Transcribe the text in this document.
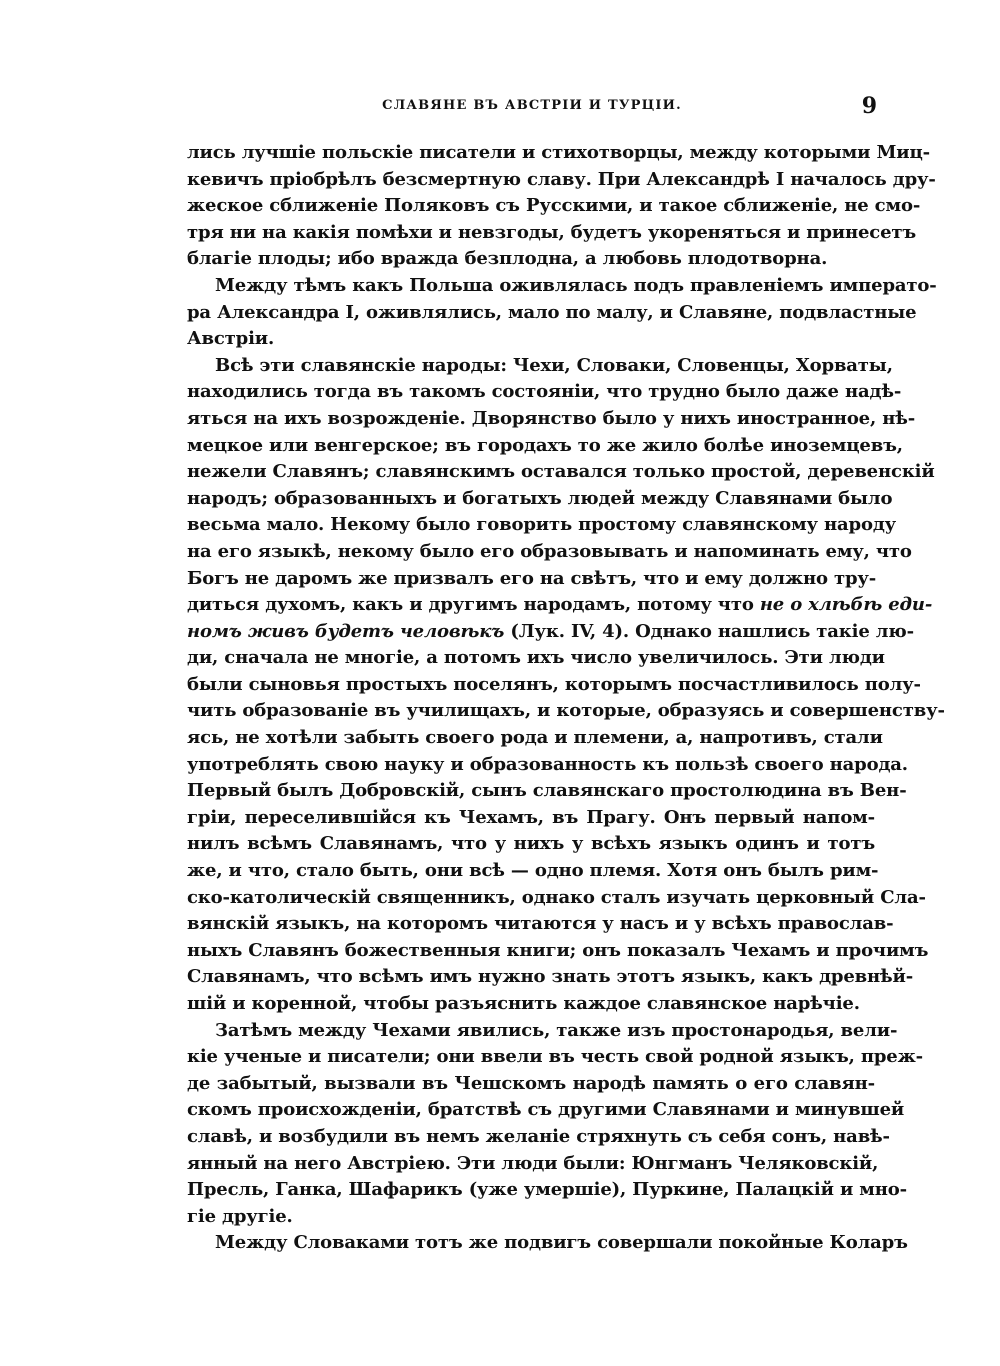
СЛАВЯНЕ ВЪ АВСТРІИ И ТУРЦІИ.	9
лись лучшіе польскіе писатели и стихотворцы, между которыми Миц-
кевичъ пріобрѣлъ безсмертную славу. При Александрѣ I началось дру-
жеское сближеніе Поляковъ съ Русскими, и такое сближеніе, не смо-
тря ни на какія помѣхи и невзгоды, будетъ укореняться и принесетъ
благіе плоды; ибо вражда безплодна, а любовь плодотворна.
Между тѣмъ какъ Польша оживлялась подъ правленіемъ императо-
ра Александра I, оживлялись, мало по малу, и Славяне, подвластные
Австріи.
Всѣ эти славянскіе народы: Чехи, Словаки, Словенцы, Хорваты,
находились тогда въ такомъ состояніи, что трудно было даже надѣ-
яться на ихъ возрожденіе. Дворянство было у нихъ иностранное, нѣ-
мецкое или венгерское; въ городахъ то же жило болѣе иноземцевъ,
нежели Славянъ; славянскимъ оставался только простой, деревенскій
народъ; образованныхъ и богатыхъ людей между Славянами было
весьма мало. Некому было говорить простому славянскому народу
на его языкѣ, некому было его образовывать и напоминать ему, что
Богъ не даромъ же призвалъ его на свѣтъ, что и ему должно тру-
диться духомъ, какъ и другимъ народамъ, потому что не о хлѣбѣ еди-
номъ живъ будетъ человѣкъ (Лук. IV, 4). Однако нашлись такіе лю-
ди, сначала не многіе, а потомъ ихъ число увеличилось. Эти люди
были сыновья простыхъ поселянъ, которымъ посчастливилось полу-
чить образованіе въ училищахъ, и которые, образуясь и совершенству-
ясь, не хотѣли забыть своего рода и племени, а, напротивъ, стали
употреблять свою науку и образованность къ пользѣ своего народа.
Первый былъ Добровскій, сынъ славянскаго простолюдина въ Вен-
гріи, переселившійся къ Чехамъ, въ Прагу. Онъ первый напом-
нилъ всѣмъ Славянамъ, что у нихъ у всѣхъ языкъ одинъ и тотъ
же, и что, стало быть, они всѣ — одно племя. Хотя онъ былъ рим-
ско-католическій священникъ, однако сталъ изучать церковный Сла-
вянскій языкъ, на которомъ читаются у насъ и у всѣхъ православ-
ныхъ Славянъ божественныя книги; онъ показалъ Чехамъ и прочимъ
Славянамъ, что всѣмъ имъ нужно знать этотъ языкъ, какъ древнѣй-
шій и коренной, чтобы разъяснить каждое славянское нарѣчіе.
Затѣмъ между Чехами явились, также изъ простонародья, вели-
кіе ученые и писатели; они ввели въ честь свой родной языкъ, преж-
де забытый, вызвали въ Чешскомъ народѣ память о его славян-
скомъ происхожденіи, братствѣ съ другими Славянами и минувшей
славѣ, и возбудили въ немъ желаніе стряхнуть съ себя сонъ, навѣ-
янный на него Австріею. Эти люди были: Юнгманъ Челяковскій,
Пресль, Ганка, Шафарикъ (уже умершіе), Пуркине, Палацкій и мно-
гіе другіе.
Между Словаками тотъ же подвигъ совершали покойные Коларъ
